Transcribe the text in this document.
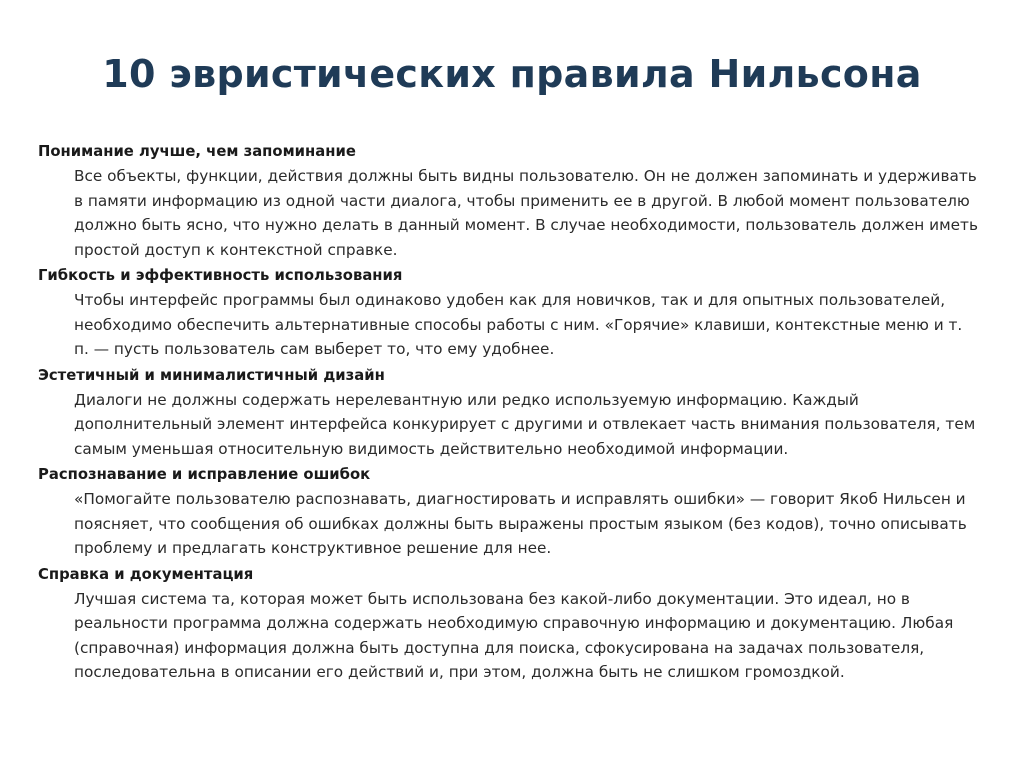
10 эвристических правила Нильсона
Понимание лучше, чем запоминание
Все объекты, функции, действия должны быть видны пользователю. Он не должен запоминать и удерживать в памяти информацию из одной части диалога, чтобы применить ее в другой. В любой момент пользователю должно быть ясно, что нужно делать в данный момент. В случае необходимости, пользователь должен иметь простой доступ к контекстной справке.
Гибкость и эффективность использования
Чтобы интерфейс программы был одинаково удобен как для новичков, так и для опытных пользователей, необходимо обеспечить альтернативные способы работы с ним. «Горячие» клавиши, контекстные меню и т. п. — пусть пользователь сам выберет то, что ему удобнее.
Эстетичный и минималистичный дизайн
Диалоги не должны содержать нерелевантную или редко используемую информацию. Каждый дополнительный элемент интерфейса конкурирует с другими и отвлекает часть внимания пользователя, тем самым уменьшая относительную видимость действительно необходимой информации.
Распознавание и исправление ошибок
«Помогайте пользователю распознавать, диагностировать и исправлять ошибки» — говорит Якоб Нильсен и поясняет, что сообщения об ошибках должны быть выражены простым языком (без кодов), точно описывать проблему и предлагать конструктивное решение для нее.
Справка и документация
Лучшая система та, которая может быть использована без какой-либо документации. Это идеал, но в реальности программа должна содержать необходимую справочную информацию и документацию. Любая (справочная) информация должна быть доступна для поиска, сфокусирована на задачах пользователя, последовательна в описании его действий и, при этом, должна быть не слишком громоздкой.
